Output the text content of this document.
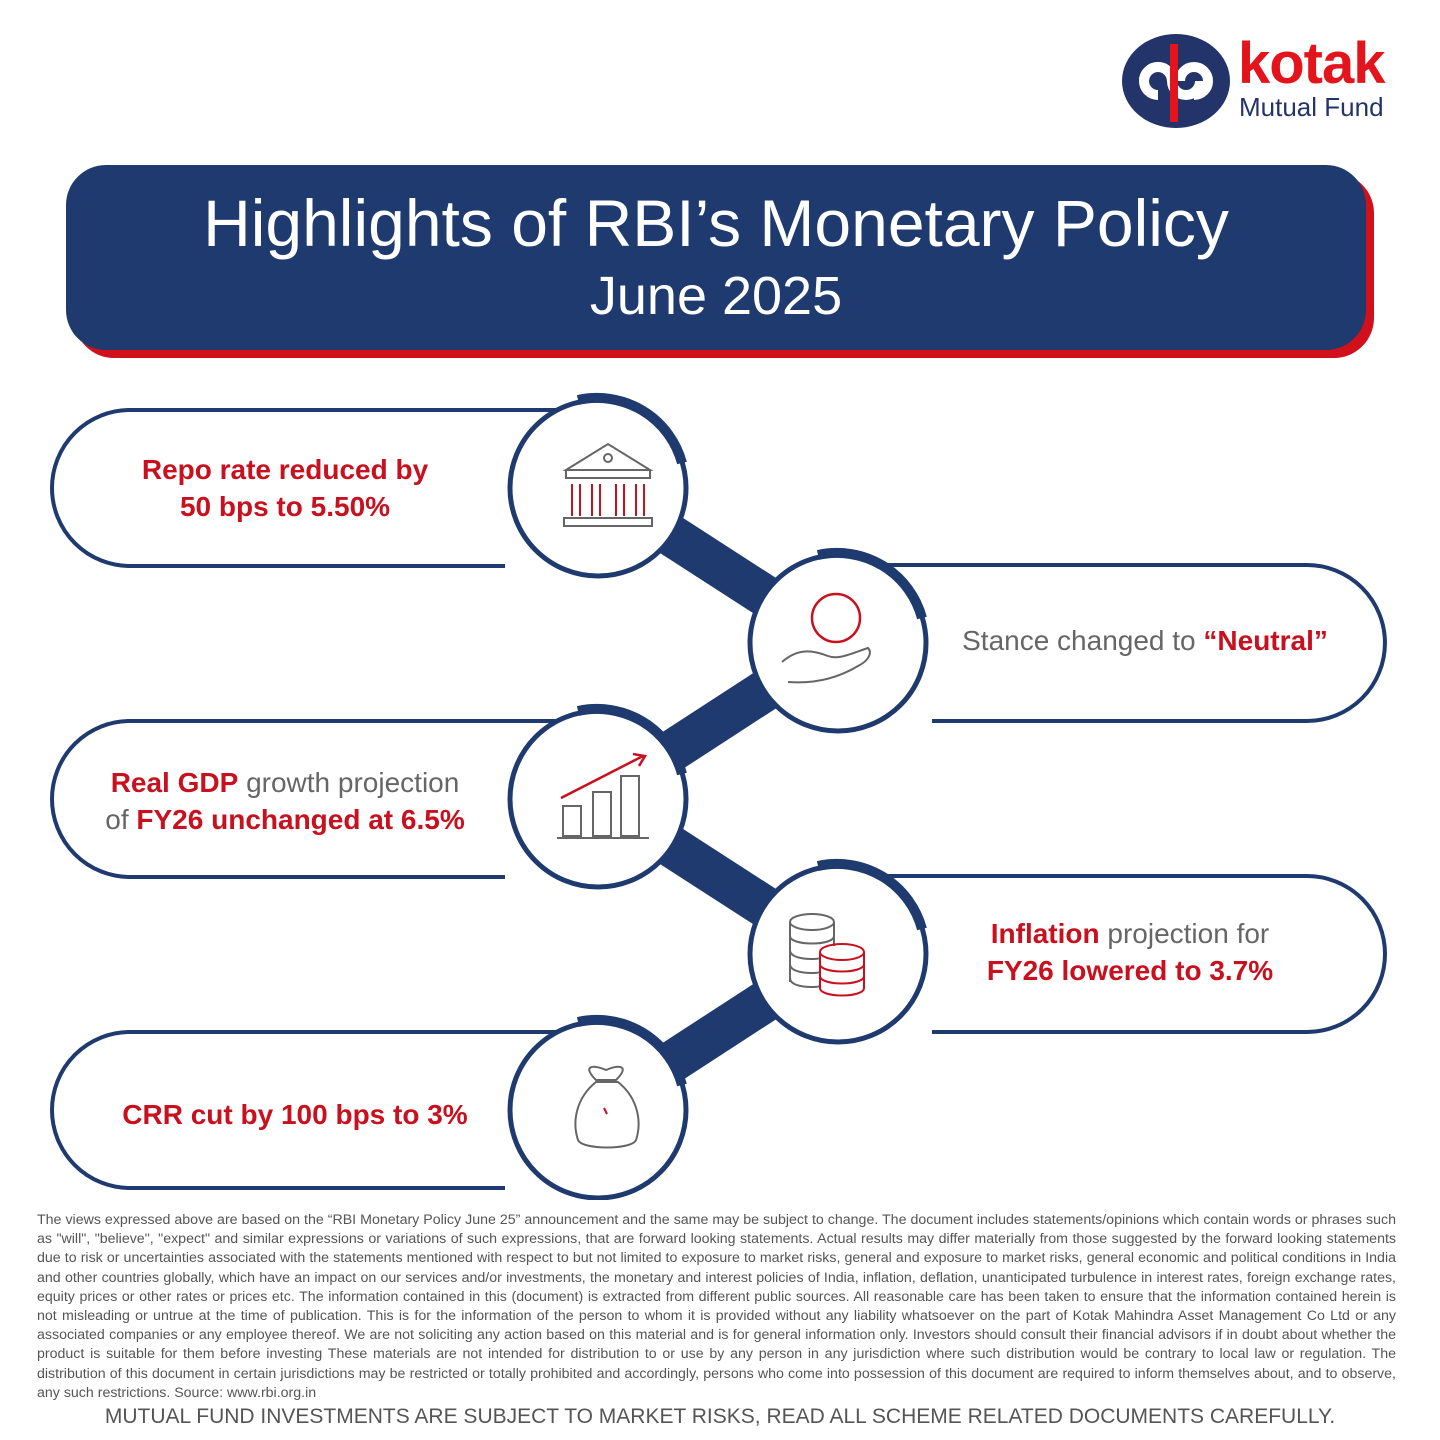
kotak
Mutual Fund
Highlights of RBI’s Monetary Policy
June 2025
Repo rate reduced by
50 bps to 5.50%
Stance changed to “Neutral”
Real GDP growth projection
of FY26 unchanged at 6.5%
Inflation projection for
FY26 lowered to 3.7%
CRR cut by 100 bps to 3%
The views expressed above are based on the “RBI Monetary Policy June 25” announcement and the same may be subject to change. The document includes statements/opinions which contain words or phrases such as "will", "believe", "expect" and similar expressions or variations of such expressions, that are forward looking statements. Actual results may differ materially from those suggested by the forward looking statements due to risk or uncertainties associated with the statements mentioned with respect to but not limited to exposure to market risks, general and exposure to market risks, general economic and political conditions in India and other countries globally, which have an impact on our services and/or investments, the monetary and interest policies of India, inflation, deflation, unanticipated turbulence in interest rates, foreign exchange rates, equity prices or other rates or prices etc. The information contained in this (document) is extracted from different public sources. All reasonable care has been taken to ensure that the information contained herein is not misleading or untrue at the time of publication. This is for the information of the person to whom it is provided without any liability whatsoever on the part of Kotak Mahindra Asset Management Co Ltd or any associated companies or any employee thereof. We are not soliciting any action based on this material and is for general information only. Investors should consult their financial advisors if in doubt about whether the product is suitable for them before investing These materials are not intended for distribution to or use by any person in any jurisdiction where such distribution would be contrary to local law or regulation. The distribution of this document in certain jurisdictions may be restricted or totally prohibited and accordingly, persons who come into possession of this document are required to inform themselves about, and to observe, any such restrictions. Source: www.rbi.org.in
MUTUAL FUND INVESTMENTS ARE SUBJECT TO MARKET RISKS, READ ALL SCHEME RELATED DOCUMENTS CAREFULLY.
